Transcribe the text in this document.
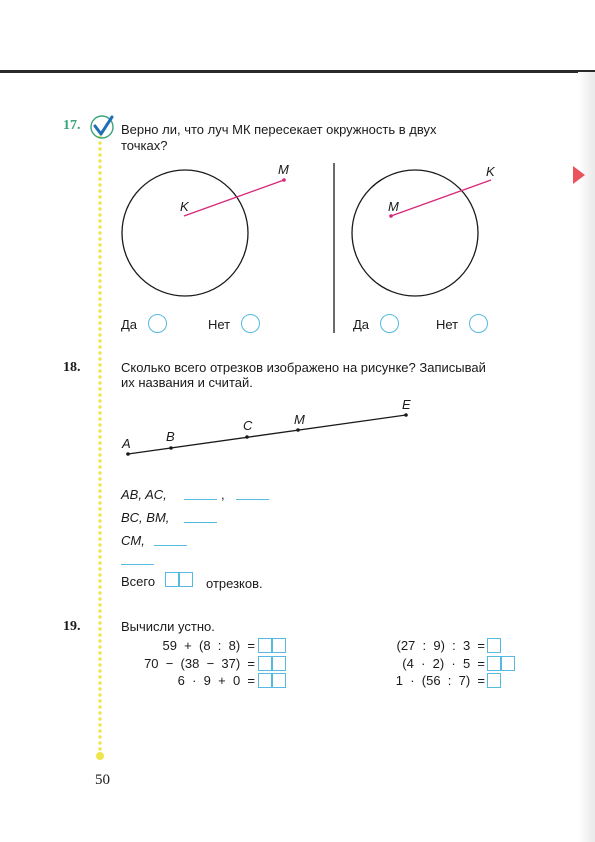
17.	Верно ли, что луч МК пересекает окружность в двух
точках?
K
M
M
K
Да	Нет	Да	Нет
18.	Сколько всего отрезков изображено на рисунке? Записывай
их названия и считай.
A	B
C	M
E
AB, AC,	,
BC, BM,
CM,
Всего	отрезков.
19.	Вычисли устно.
59  +  (8  :  8)  =
70  −  (38  −  37)  =
6  ·  9  +  0  =
(27  :  9)  :  3  =
(4  ·  2)  ·  5  =
1  ·  (56  :  7)  =
50
